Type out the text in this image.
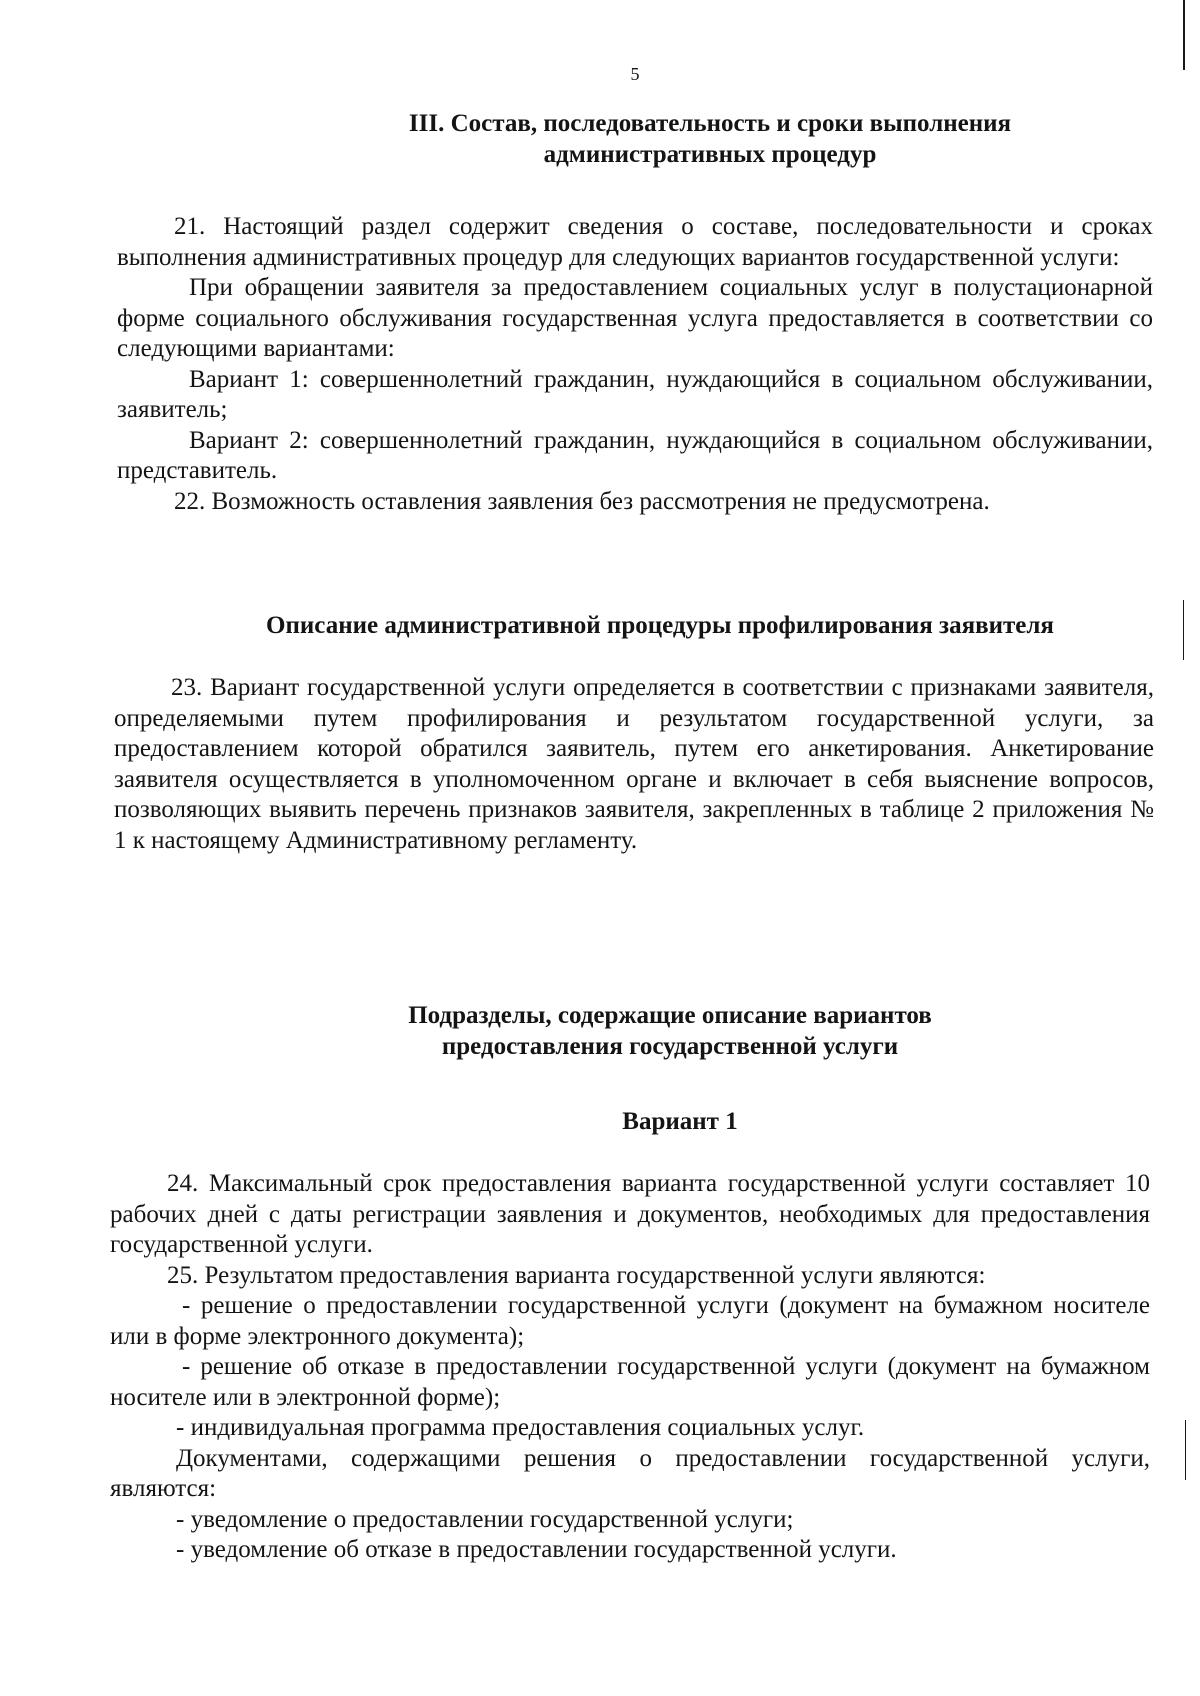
5
III. Состав, последовательность и сроки выполнения
административных процедур

21. Настоящий раздел содержит сведения о составе, последовательности и сроках выполнения административных процедур для следующих вариантов государственной услуги:

При обращении заявителя за предоставлением социальных услуг в полустационарной форме социального обслуживания государственная услуга предоставляется в соответствии со следующими вариантами:

Вариант 1: совершеннолетний гражданин, нуждающийся в социальном обслуживании, заявитель;

Вариант 2: совершеннолетний гражданин, нуждающийся в социальном обслуживании, представитель.

22. Возможность оставления заявления без рассмотрения не предусмотрена.

Описание административной процедуры профилирования заявителя

23. Вариант государственной услуги определяется в соответствии с признаками заявителя, определяемыми путем профилирования и результатом государственной услуги, за предоставлением которой обратился заявитель, путем его анкетирования. Анкетирование заявителя осуществляется в уполномоченном органе и включает в себя выяснение вопросов, позволяющих выявить перечень признаков заявителя, закрепленных в таблице 2 приложения № 1 к настоящему Административному регламенту.

Подразделы, содержащие описание вариантов
предоставления государственной услуги
Вариант 1

24. Максимальный срок предоставления варианта государственной услуги составляет 10 рабочих дней с даты регистрации заявления и документов, необходимых для предоставления государственной услуги.

25. Результатом предоставления варианта государственной услуги являются:

- решение о предоставлении государственной услуги (документ на бумажном носителе или в форме электронного документа);

- решение об отказе в предоставлении государственной услуги (документ на бумажном носителе или в электронной форме);

- индивидуальная программа предоставления социальных услуг.

Документами, содержащими решения о предоставлении государственной услуги, являются:

- уведомление о предоставлении государственной услуги;

- уведомление об отказе в предоставлении государственной услуги.
